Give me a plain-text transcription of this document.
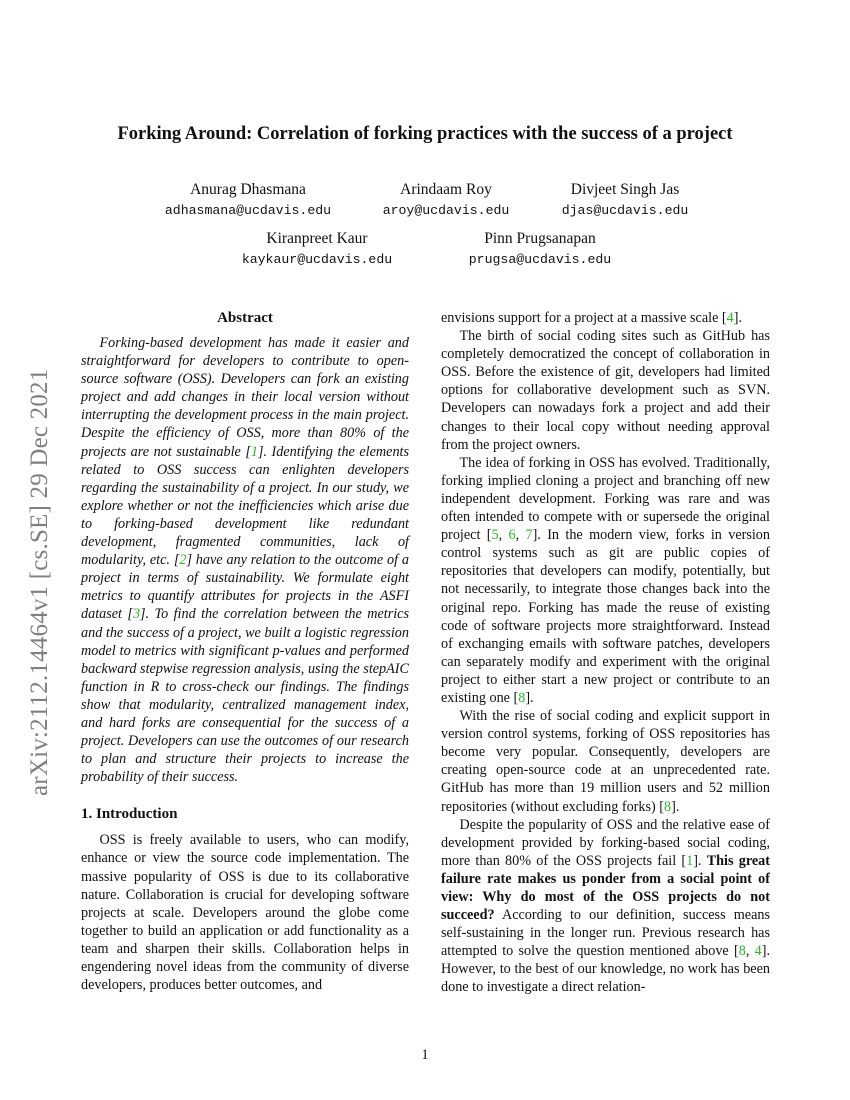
arXiv:2112.14464v1 [cs.SE] 29 Dec 2021
Forking Around: Correlation of forking practices with the success of a project
Anurag Dhasmana
adhasmana@ucdavis.edu
Arindaam Roy
aroy@ucdavis.edu
Divjeet Singh Jas
djas@ucdavis.edu
Kiranpreet Kaur
kaykaur@ucdavis.edu
Pinn Prugsanapan
prugsa@ucdavis.edu
Abstract

Forking-based development has made it easier and straightforward for developers to contribute to open-source software (OSS). Developers can fork an existing project and add changes in their local version without interrupting the development process in the main project. Despite the efficiency of OSS, more than 80% of the projects are not sustainable [1]. Identifying the elements related to OSS success can enlighten developers regarding the sustainability of a project. In our study, we explore whether or not the inefficiencies which arise due to forking-based development like redundant development, fragmented communities, lack of modularity, etc. [2] have any relation to the outcome of a project in terms of sustainability. We formulate eight metrics to quantify attributes for projects in the ASFI dataset [3]. To find the correlation between the metrics and the success of a project, we built a logistic regression model to metrics with significant p-values and performed backward stepwise regression analysis, using the stepAIC function in R to cross-check our findings. The findings show that modularity, centralized management index, and hard forks are consequential for the success of a project. Developers can use the outcomes of our research to plan and structure their projects to increase the probability of their success.

1. Introduction

OSS is freely available to users, who can modify, enhance or view the source code implementation. The massive popularity of OSS is due to its collaborative nature. Collaboration is crucial for developing software projects at scale. Developers around the globe come together to build an application or add functionality as a team and sharpen their skills. Collaboration helps in engendering novel ideas from the community of diverse developers, produces better outcomes, and

envisions support for a project at a massive scale [4].

The birth of social coding sites such as GitHub has completely democratized the concept of collaboration in OSS. Before the existence of git, developers had limited options for collaborative development such as SVN. Developers can nowadays fork a project and add their changes to their local copy without needing approval from the project owners.

The idea of forking in OSS has evolved. Traditionally, forking implied cloning a project and branching off new independent development. Forking was rare and was often intended to compete with or supersede the original project [5, 6, 7]. In the modern view, forks in version control systems such as git are public copies of repositories that developers can modify, potentially, but not necessarily, to integrate those changes back into the original repo. Forking has made the reuse of existing code of software projects more straightforward. Instead of exchanging emails with software patches, developers can separately modify and experiment with the original project to either start a new project or contribute to an existing one [8].

With the rise of social coding and explicit support in version control systems, forking of OSS repositories has become very popular. Consequently, developers are creating open-source code at an unprecedented rate. GitHub has more than 19 million users and 52 million repositories (without excluding forks) [8].

Despite the popularity of OSS and the relative ease of development provided by forking-based social coding, more than 80% of the OSS projects fail [1]. This great failure rate makes us ponder from a social point of view: Why do most of the OSS projects do not succeed? According to our definition, success means self-sustaining in the longer run. Previous research has attempted to solve the question mentioned above [8, 4]. However, to the best of our knowledge, no work has been done to investigate a direct relation-

1
